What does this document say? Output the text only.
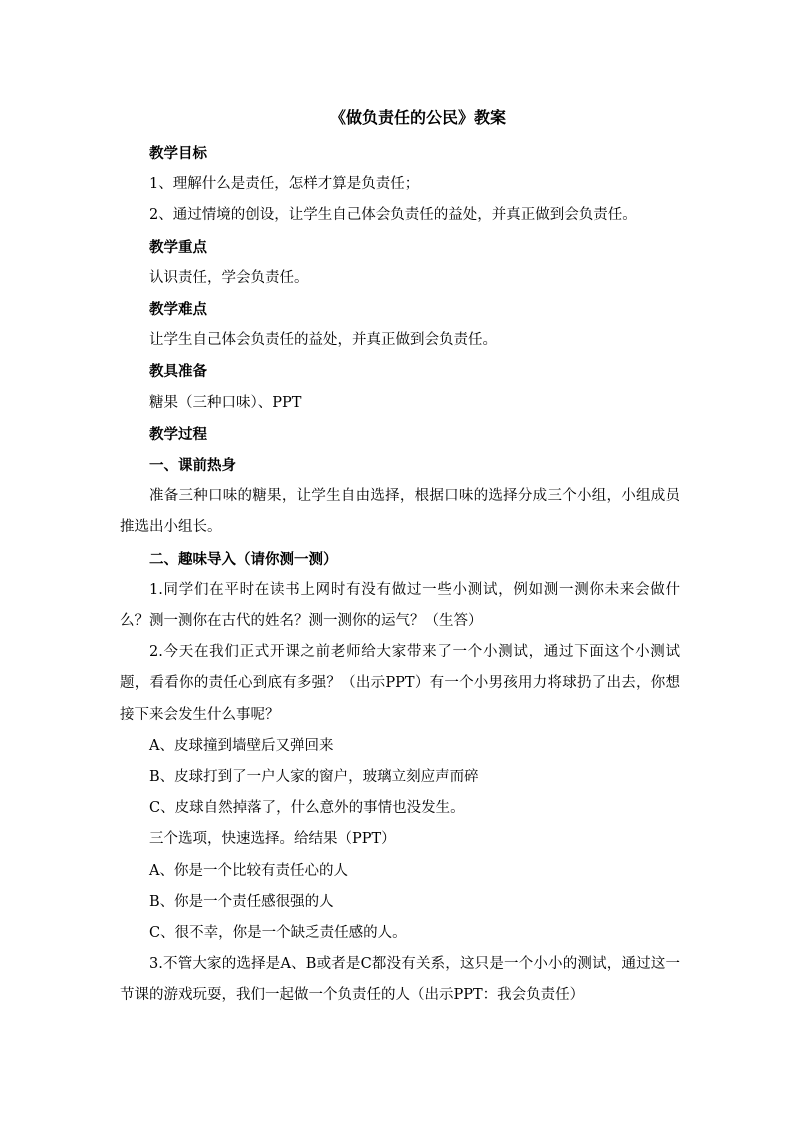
《做负责任的公民》教案

教学目标

1、理解什么是责任，怎样才算是负责任；

2、通过情境的创设，让学生自己体会负责任的益处，并真正做到会负责任。

教学重点

认识责任，学会负责任。

教学难点

让学生自己体会负责任的益处，并真正做到会负责任。

教具准备

糖果（三种口味）、PPT

教学过程

一、课前热身

准备三种口味的糖果，让学生自由选择，根据口味的选择分成三个小组，小组成员推选出小组长。

二、趣味导入（请你测一测）

1.同学们在平时在读书上网时有没有做过一些小测试，例如测一测你未来会做什么？测一测你在古代的姓名？测一测你的运气？（生答）

2.今天在我们正式开课之前老师给大家带来了一个小测试，通过下面这个小测试题，看看你的责任心到底有多强？（出示PPT）有一个小男孩用力将球扔了出去，你想接下来会发生什么事呢？

A、皮球撞到墙壁后又弹回来

B、皮球打到了一户人家的窗户，玻璃立刻应声而碎

C、皮球自然掉落了，什么意外的事情也没发生。

三个选项，快速选择。给结果（PPT）

A、你是一个比较有责任心的人

B、你是一个责任感很强的人

C、很不幸，你是一个缺乏责任感的人。

3.不管大家的选择是A、B或者是C都没有关系，这只是一个小小的测试，通过这一节课的游戏玩耍，我们一起做一个负责任的人（出示PPT：我会负责任）
